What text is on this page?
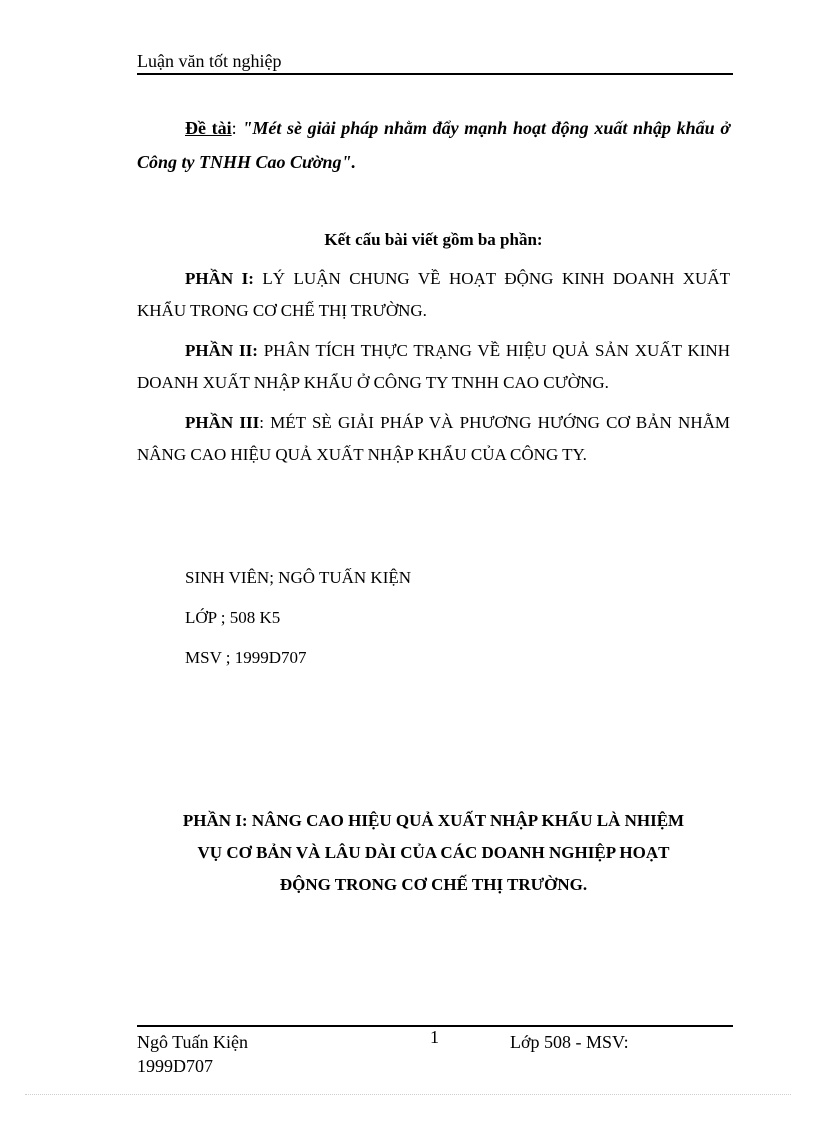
Luận văn tốt nghiệp
Đề tài: "Mét sè giải pháp nhằm đẩy mạnh hoạt động xuất nhập khẩu ở Công ty TNHH Cao Cường".
Kết cấu bài viết gồm ba phần:
PHẦN I: LÝ LUẬN CHUNG VỀ HOẠT ĐỘNG KINH DOANH XUẤT KHẨU TRONG CƠ CHẾ THỊ TRƯỜNG.
PHẦN II: PHÂN TÍCH THỰC TRẠNG VỀ HIỆU QUẢ SẢN XUẤT KINH DOANH XUẤT NHẬP KHẨU Ở CÔNG TY TNHH CAO CƯỜNG.
PHẦN III: MÉT SÈ GIẢI PHÁP VÀ PHƯƠNG HƯỚNG CƠ BẢN NHẰM NÂNG CAO HIỆU QUẢ XUẤT NHẬP KHẨU CỦA CÔNG TY.
SINH VIÊN; NGÔ TUẤN KIỆN
LỚP ; 508 K5
MSV ; 1999D707
PHẦN I: NÂNG CAO HIỆU QUẢ XUẤT NHẬP KHẨU LÀ NHIỆM
VỤ CƠ BẢN VÀ LÂU DÀI CỦA CÁC DOANH NGHIỆP HOẠT
ĐỘNG TRONG CƠ CHẾ THỊ TRƯỜNG.
Ngô Tuấn Kiện
1999D707
1	Lớp 508 - MSV:
